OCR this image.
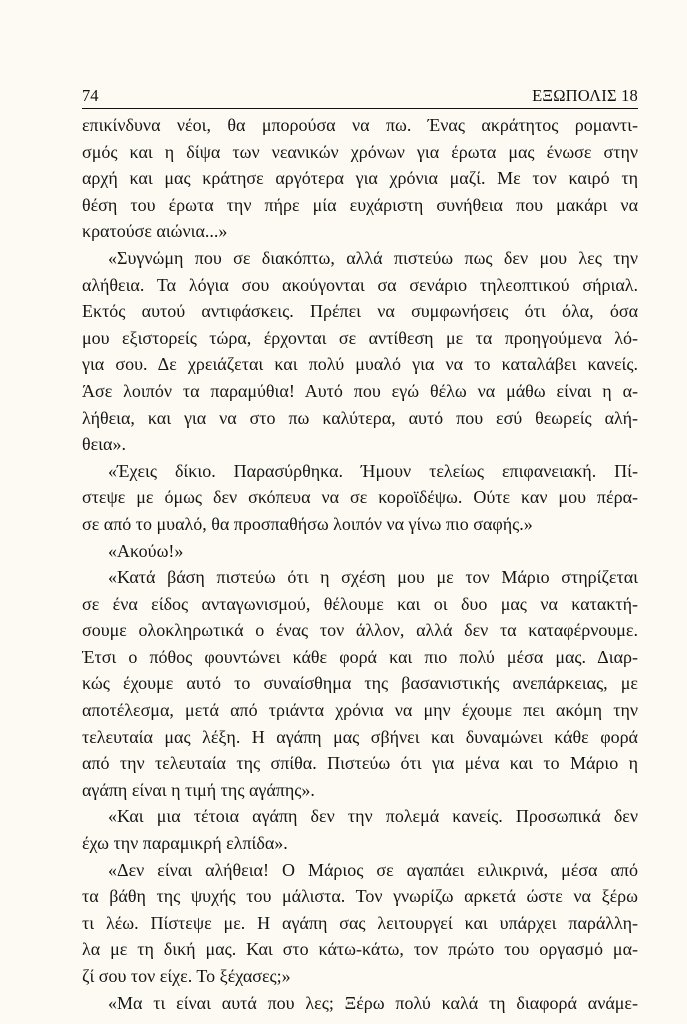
74	ΕΞΩΠΟΛΙΣ 18
επικίνδυνα νέοι, θα μπορούσα να πω. Ένας ακράτητος ρομαντι-
σμός και η δίψα των νεανικών χρόνων για έρωτα μας ένωσε στην
αρχή και μας κράτησε αργότερα για χρόνια μαζί. Με τον καιρό τη
θέση του έρωτα την πήρε μία ευχάριστη συνήθεια που μακάρι να
κρατούσε αιώνια...»
«Συγνώμη που σε διακόπτω, αλλά πιστεύω πως δεν μου λες την
αλήθεια. Τα λόγια σου ακούγονται σα σενάριο τηλεοπτικού σήριαλ.
Εκτός αυτού αντιφάσκεις. Πρέπει να συμφωνήσεις ότι όλα, όσα
μου εξιστορείς τώρα, έρχονται σε αντίθεση με τα προηγούμενα λό-
για σου. Δε χρειάζεται και πολύ μυαλό για να το καταλάβει κανείς.
Άσε λοιπόν τα παραμύθια! Αυτό που εγώ θέλω να μάθω είναι η α-
λήθεια, και για να στο πω καλύτερα, αυτό που εσύ θεωρείς αλή-
θεια».
«Έχεις δίκιο. Παρασύρθηκα. Ήμουν τελείως επιφανειακή. Πί-
στεψε με όμως δεν σκόπευα να σε κοροϊδέψω. Ούτε καν μου πέρα-
σε από το μυαλό, θα προσπαθήσω λοιπόν να γίνω πιο σαφής.»
«Ακούω!»
«Κατά βάση πιστεύω ότι η σχέση μου με τον Μάριο στηρίζεται
σε ένα είδος ανταγωνισμού, θέλουμε και οι δυο μας να κατακτή-
σουμε ολοκληρωτικά ο ένας τον άλλον, αλλά δεν τα καταφέρνουμε.
Έτσι ο πόθος φουντώνει κάθε φορά και πιο πολύ μέσα μας. Διαρ-
κώς έχουμε αυτό το συναίσθημα της βασανιστικής ανεπάρκειας, με
αποτέλεσμα, μετά από τριάντα χρόνια να μην έχουμε πει ακόμη την
τελευταία μας λέξη. Η αγάπη μας σβήνει και δυναμώνει κάθε φορά
από την τελευταία της σπίθα. Πιστεύω ότι για μένα και το Μάριο η
αγάπη είναι η τιμή της αγάπης».
«Και μια τέτοια αγάπη δεν την πολεμά κανείς. Προσωπικά δεν
έχω την παραμικρή ελπίδα».
«Δεν είναι αλήθεια! Ο Μάριος σε αγαπάει ειλικρινά, μέσα από
τα βάθη της ψυχής του μάλιστα. Τον γνωρίζω αρκετά ώστε να ξέρω
τι λέω. Πίστεψε με. Η αγάπη σας λειτουργεί και υπάρχει παράλλη-
λα με τη δική μας. Και στο κάτω-κάτω, τον πρώτο του οργασμό μα-
ζί σου τον είχε. Το ξέχασες;»
«Μα τι είναι αυτά που λες; Ξέρω πολύ καλά τη διαφορά ανάμε-
